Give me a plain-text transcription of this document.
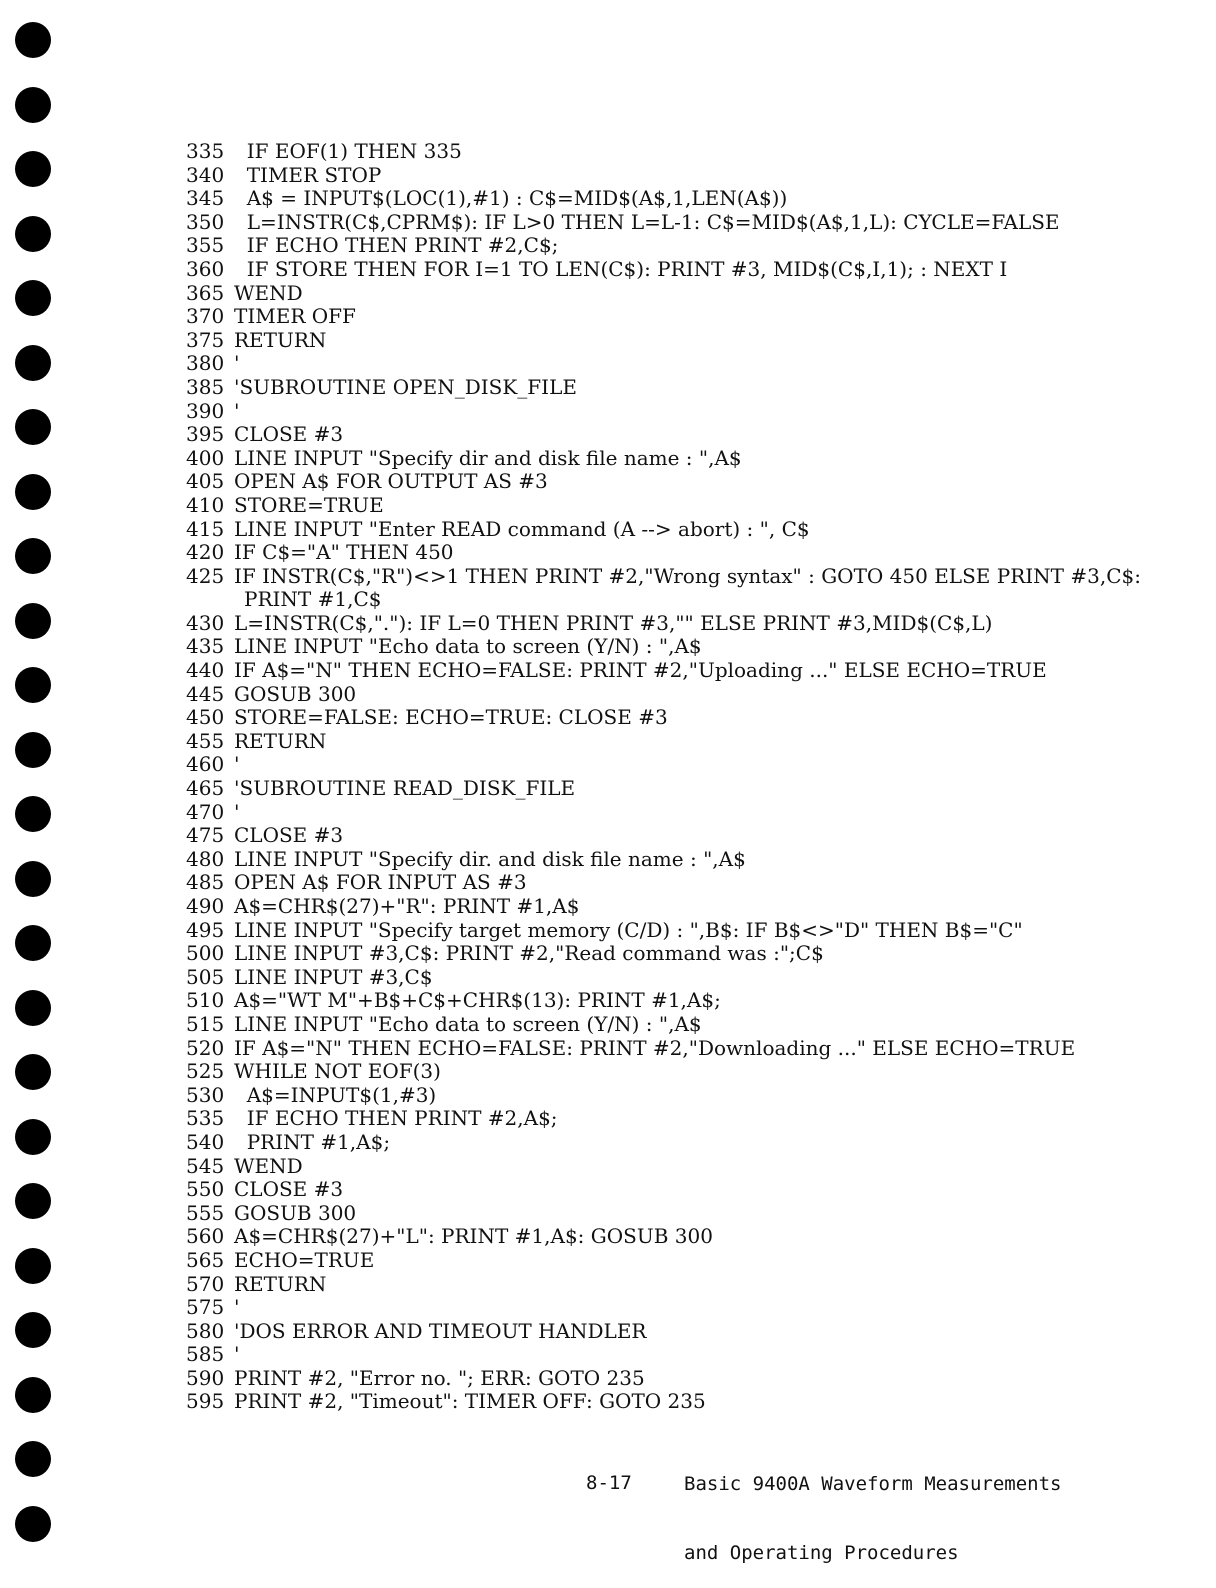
335 IF EOF(1) THEN 335
340 TIMER STOP
345 A$ = INPUT$(LOC(1),#1) : C$=MID$(A$,1,LEN(A$))
350 L=INSTR(C$,CPRM$): IF L>0 THEN L=L-1: C$=MID$(A$,1,L): CYCLE=FALSE
355 IF ECHO THEN PRINT #2,C$;
360 IF STORE THEN FOR I=1 TO LEN(C$): PRINT #3, MID$(C$,I,1); : NEXT I
365 WEND
370 TIMER OFF
375 RETURN
380 '
385 'SUBROUTINE OPEN_DISK_FILE
390 '
395 CLOSE #3
400 LINE INPUT "Specify dir and disk file name : ",A$
405 OPEN A$ FOR OUTPUT AS #3
410 STORE=TRUE
415 LINE INPUT "Enter READ command (A --> abort) : ", C$
420 IF C$="A" THEN 450
425 IF INSTR(C$,"R")<>1 THEN PRINT #2,"Wrong syntax" : GOTO 450 ELSE PRINT #3,C$:
PRINT #1,C$
430 L=INSTR(C$,"."): IF L=0 THEN PRINT #3,"" ELSE PRINT #3,MID$(C$,L)
435 LINE INPUT "Echo data to screen (Y/N) : ",A$
440 IF A$="N" THEN ECHO=FALSE: PRINT #2,"Uploading ..." ELSE ECHO=TRUE
445 GOSUB 300
450 STORE=FALSE: ECHO=TRUE: CLOSE #3
455 RETURN
460 '
465 'SUBROUTINE READ_DISK_FILE
470 '
475 CLOSE #3
480 LINE INPUT "Specify dir. and disk file name : ",A$
485 OPEN A$ FOR INPUT AS #3
490 A$=CHR$(27)+"R": PRINT #1,A$
495 LINE INPUT "Specify target memory (C/D) : ",B$: IF B$<>"D" THEN B$="C"
500 LINE INPUT #3,C$: PRINT #2,"Read command was :";C$
505 LINE INPUT #3,C$
510 A$="WT M"+B$+C$+CHR$(13): PRINT #1,A$;
515 LINE INPUT "Echo data to screen (Y/N) : ",A$
520 IF A$="N" THEN ECHO=FALSE: PRINT #2,"Downloading ..." ELSE ECHO=TRUE
525 WHILE NOT EOF(3)
530 A$=INPUT$(1,#3)
535 IF ECHO THEN PRINT #2,A$;
540 PRINT #1,A$;
545 WEND
550 CLOSE #3
555 GOSUB 300
560 A$=CHR$(27)+"L": PRINT #1,A$: GOSUB 300
565 ECHO=TRUE
570 RETURN
575 '
580 'DOS ERROR AND TIMEOUT HANDLER
585 '
590 PRINT #2, "Error no. "; ERR: GOTO 235
595 PRINT #2, "Timeout": TIMER OFF: GOTO 235

Basic 9400A Waveform Measurements

and Operating Procedures

8-17
